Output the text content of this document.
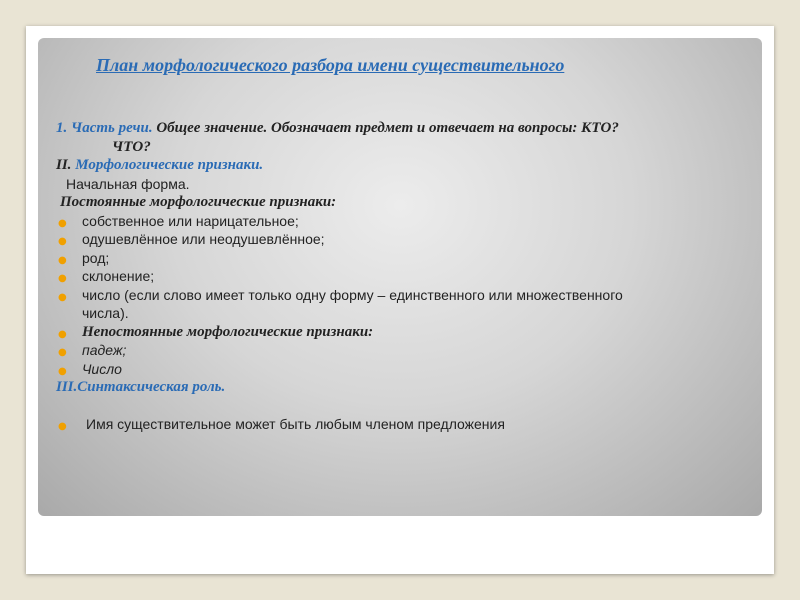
План морфологического разбора имени существительного
1. Часть речи. Общее значение. Обозначает предмет и отвечает на вопросы: КТО?
ЧТО?
II. Морфологические признаки.
Начальная форма.
Постоянные морфологические признаки:
● собственное или нарицательное;
● одушевлённое или неодушевлённое;
● род;
● склонение;
● число (если слово имеет только одну форму – единственного или множественного
числа).
● Непостоянные морфологические признаки:
● падеж;
● Число
III.Синтаксическая роль.
● Имя существительное может быть любым членом предложения
